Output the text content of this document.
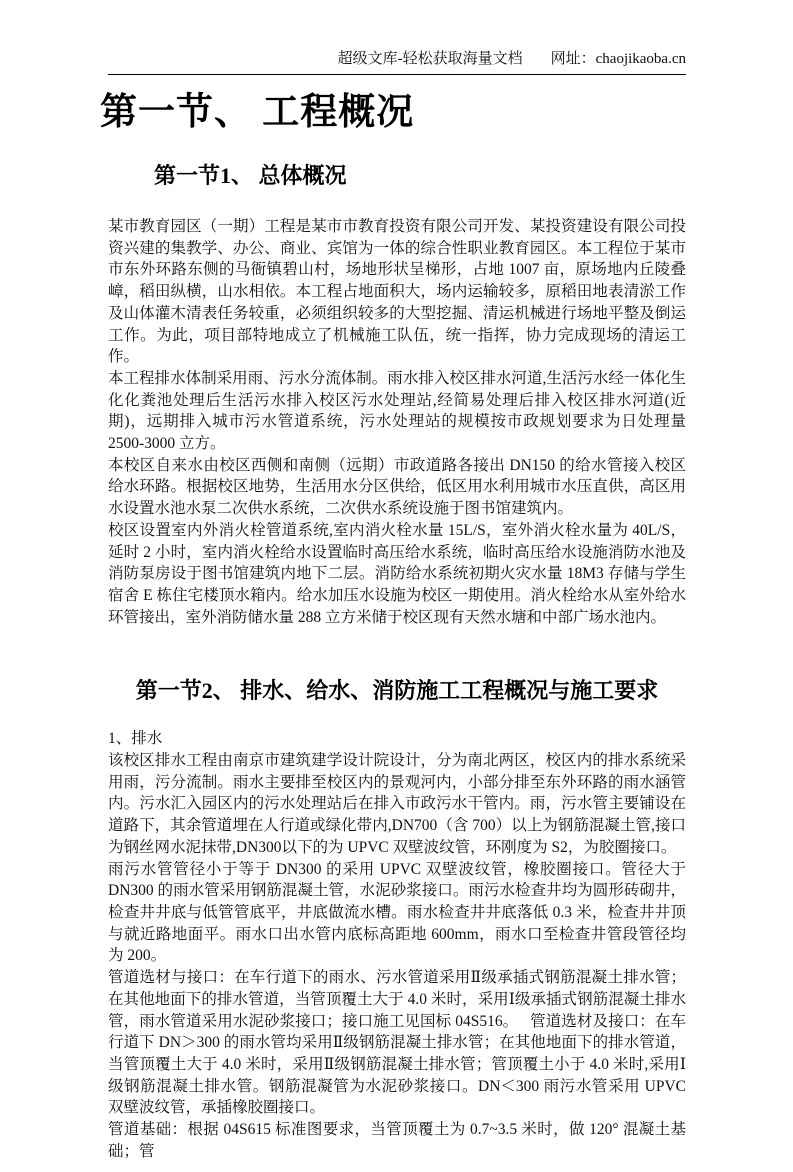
超级文库-轻松获取海量文档 网址：chaojikaoba.cn
第一节、 工程概况
第一节1、 总体概况

某市教育园区（一期）工程是某市市教育投资有限公司开发、某投资建设有限公司投资兴建的集教学、办公、商业、宾馆为一体的综合性职业教育园区。本工程位于某市市东外环路东侧的马衙镇碧山村，场地形状呈梯形，占地 1007 亩，原场地内丘陵叠嶂，稻田纵横，山水相依。本工程占地面积大，场内运输较多，原稻田地表清淤工作及山体灌木清表任务较重，必须组织较多的大型挖掘、清运机械进行场地平整及倒运工作。为此，项目部特地成立了机械施工队伍，统一指挥，协力完成现场的清运工作。

本工程排水体制采用雨、污水分流体制。雨水排入校区排水河道,生活污水经一体化生化化粪池处理后生活污水排入校区污水处理站,经简易处理后排入校区排水河道(近期)，远期排入城市污水管道系统，污水处理站的规模按市政规划要求为日处理量 2500-3000 立方。

本校区自来水由校区西侧和南侧（远期）市政道路各接出 DN150 的给水管接入校区给水环路。根据校区地势，生活用水分区供给，低区用水利用城市水压直供，高区用水设置水池水泵二次供水系统，二次供水系统设施于图书馆建筑内。

校区设置室内外消火栓管道系统,室内消火栓水量 15L/S，室外消火栓水量为 40L/S，延时 2 小时，室内消火栓给水设置临时高压给水系统，临时高压给水设施消防水池及消防泵房设于图书馆建筑内地下二层。消防给水系统初期火灾水量 18M3 存储与学生宿舍 E 栋住宅楼顶水箱内。给水加压水设施为校区一期使用。消火栓给水从室外给水环管接出，室外消防储水量 288 立方米储于校区现有天然水塘和中部广场水池内。

第一节2、 排水、给水、消防施工工程概况与施工要求

1、排水

该校区排水工程由南京市建筑建学设计院设计，分为南北两区，校区内的排水系统采用雨，污分流制。雨水主要排至校区内的景观河内，小部分排至东外环路的雨水涵管内。污水汇入园区内的污水处理站后在排入市政污水干管内。雨，污水管主要铺设在道路下，其余管道埋在人行道或绿化带内,DN700（含 700）以上为钢筋混凝土管,接口为钢丝网水泥抹带,DN300以下的为 UPVC 双壁波纹管，环刚度为 S2，为胶圈接口。

雨污水管管径小于等于 DN300 的采用 UPVC 双壁波纹管，橡胶圈接口。管径大于 DN300 的雨水管采用钢筋混凝土管，水泥砂浆接口。雨污水检查井均为圆形砖砌井，检查井井底与低管管底平，井底做流水槽。雨水检查井井底落低 0.3 米，检查井井顶与就近路地面平。雨水口出水管内底标高距地 600mm，雨水口至检查井管段管径均为 200。

管道选材与接口：在车行道下的雨水、污水管道采用Ⅱ级承插式钢筋混凝土排水管；在其他地面下的排水管道，当管顶覆土大于 4.0 米时，采用Ⅰ级承插式钢筋混凝土排水管，雨水管道采用水泥砂浆接口；接口施工见国标 04S516。　 管道选材及接口：在车行道下 DN＞300 的雨水管均采用Ⅱ级钢筋混凝土排水管；在其他地面下的排水管道，当管顶覆土大于 4.0 米时，采用Ⅱ级钢筋混凝土排水管；管顶覆土小于 4.0 米时,采用Ⅰ级钢筋混凝土排水管。钢筋混凝管为水泥砂浆接口。DN＜300 雨污水管采用 UPVC 双壁波纹管，承插橡胶圈接口。

管道基础：根据 04S615 标准图要求，当管顶覆土为 0.7~3.5 米时，做 120° 混凝土基础；管
